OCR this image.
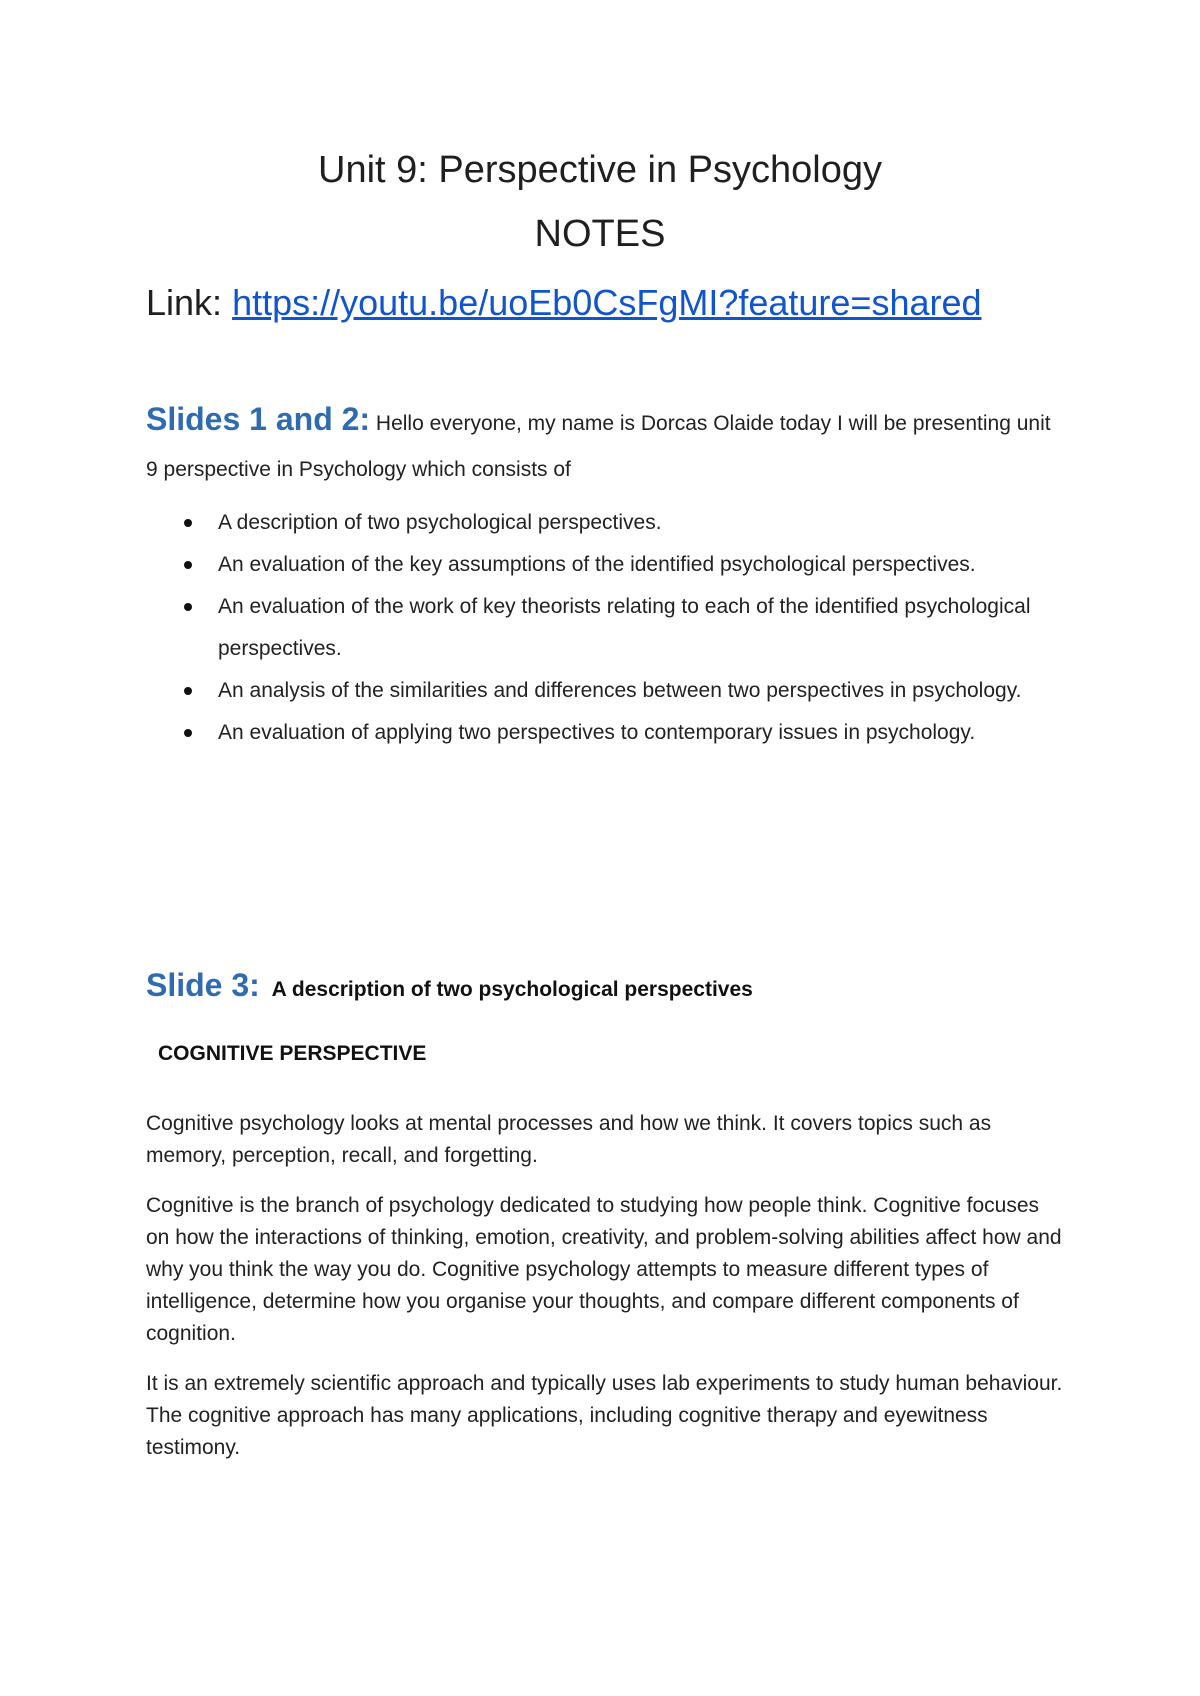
Unit 9: Perspective in Psychology
NOTES
Link: https://youtu.be/uoEb0CsFgMI?feature=shared
Slides 1 and 2: Hello everyone, my name is Dorcas Olaide today I will be presenting unit 9 perspective in Psychology which consists of
A description of two psychological perspectives.
An evaluation of the key assumptions of the identified psychological perspectives.
An evaluation of the work of key theorists relating to each of the identified psychological perspectives.
An analysis of the similarities and differences between two perspectives in psychology.
An evaluation of applying two perspectives to contemporary issues in psychology.
Slide 3: A description of two psychological perspectives
COGNITIVE PERSPECTIVE
Cognitive psychology looks at mental processes and how we think. It covers topics such as memory, perception, recall, and forgetting.
Cognitive is the branch of psychology dedicated to studying how people think. Cognitive focuses on how the interactions of thinking, emotion, creativity, and problem-solving abilities affect how and why you think the way you do. Cognitive psychology attempts to measure different types of intelligence, determine how you organise your thoughts, and compare different components of cognition.
It is an extremely scientific approach and typically uses lab experiments to study human behaviour. The cognitive approach has many applications, including cognitive therapy and eyewitness testimony.
